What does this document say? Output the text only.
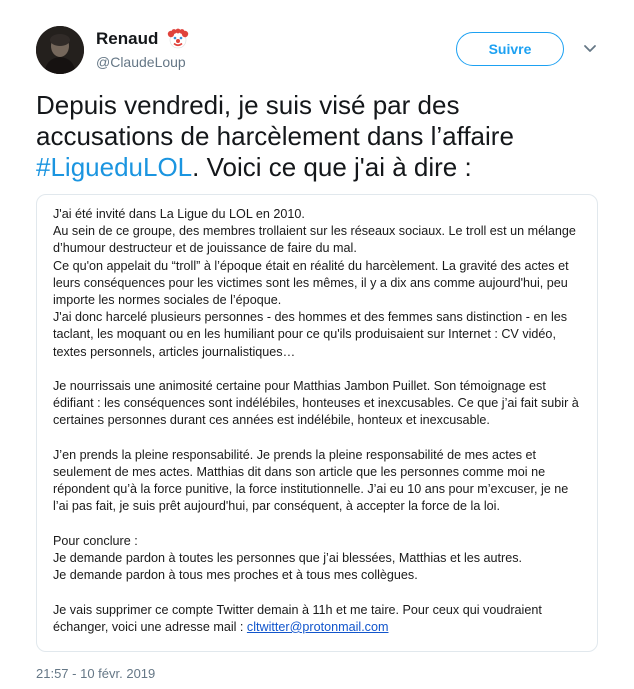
Renaud
@ClaudeLoup
Suivre
Depuis vendredi, je suis visé par des accusations de harcèlement dans l’affaire #LigueduLOL. Voici ce que j'ai à dire :

J'ai été invité dans La Ligue du LOL en 2010.

Au sein de ce groupe, des membres trollaient sur les réseaux sociaux. Le troll est un mélange d’humour destructeur et de jouissance de faire du mal.

Ce qu'on appelait du “troll” à l’époque était en réalité du harcèlement. La gravité des actes et leurs conséquences pour les victimes sont les mêmes, il y a dix ans comme aujourd'hui, peu importe les normes sociales de l’époque.

J'ai donc harcelé plusieurs personnes - des hommes et des femmes sans distinction - en les taclant, les moquant ou en les humiliant pour ce qu'ils produisaient sur Internet : CV vidéo, textes personnels, articles journalistiques…

Je nourrissais une animosité certaine pour Matthias Jambon Puillet. Son témoignage est édifiant : les conséquences sont indélébiles, honteuses et inexcusables. Ce que j’ai fait subir à certaines personnes durant ces années est indélébile, honteux et inexcusable.

J’en prends la pleine responsabilité. Je prends la pleine responsabilité de mes actes et seulement de mes actes. Matthias dit dans son article que les personnes comme moi ne répondent qu’à la force punitive, la force institutionnelle. J’ai eu 10 ans pour m’excuser, je ne l’ai pas fait, je suis prêt aujourd'hui, par conséquent, à accepter la force de la loi.

Pour conclure :

Je demande pardon à toutes les personnes que j’ai blessées, Matthias et les autres.

Je demande pardon à tous mes proches et à tous mes collègues.

Je vais supprimer ce compte Twitter demain à 11h et me taire. Pour ceux qui voudraient échanger, voici une adresse mail : cltwitter@protonmail.com

21:57 - 10 févr. 2019
